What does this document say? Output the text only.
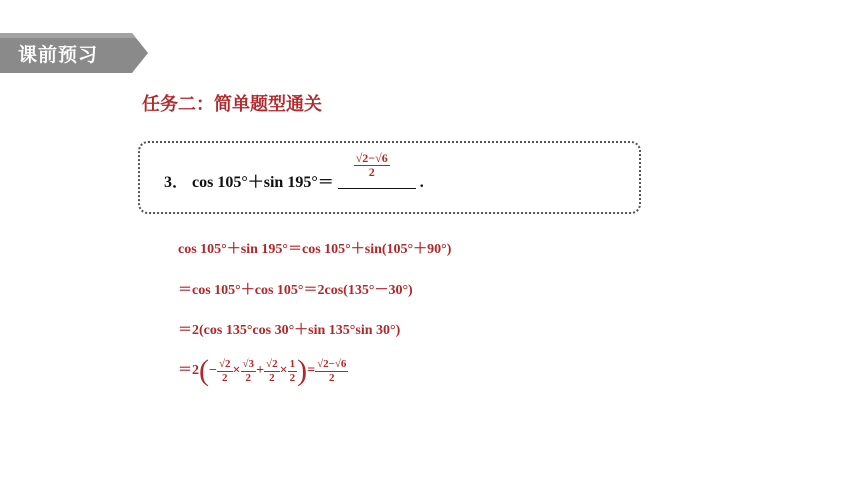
课前预习
任务二：简单题型通关
3． cos 105°＋sin 195°＝
$\frac{√2-√6}{2}$
.
cos 105°＋sin 195°＝cos 105°＋sin(105°＋90°)
＝cos 105°＋cos 105°＝2cos(135°－30°)
＝2(cos 135°cos 30°＋sin 135°sin 30°)
$=2(- \frac{√2}{2} \times \frac{√3}{2} + \frac{√2}{2} \times \frac{1}{2}$ )= $\frac{√2-√6}{2}$
